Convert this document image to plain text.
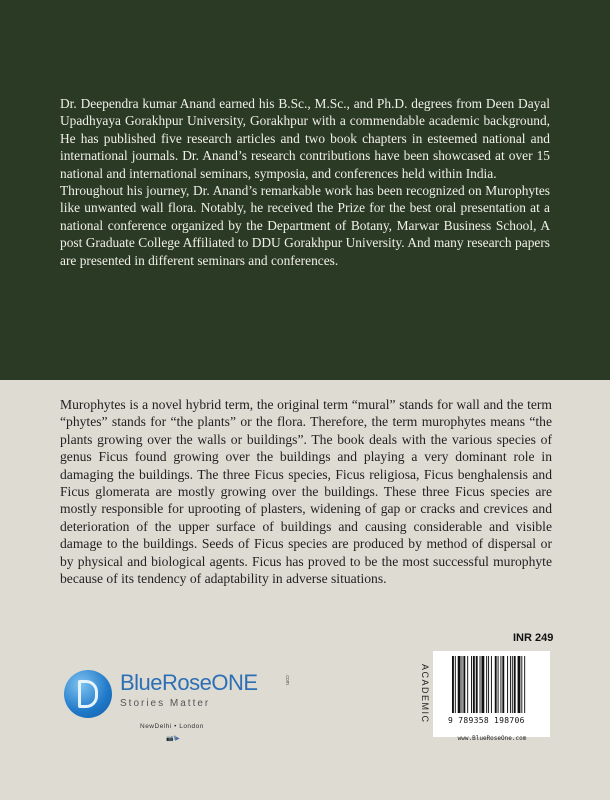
Dr. Deependra kumar Anand earned his B.Sc., M.Sc., and Ph.D. degrees from Deen Dayal Upadhyaya Gorakhpur University, Gorakhpur with a commendable academic background, He has published five research articles and two book chapters in esteemed national and international journals. Dr. Anand’s research contributions have been showcased at over 15 national and international seminars, symposia, and conferences held within India.

Throughout his journey, Dr. Anand’s remarkable work has been recognized on Murophytes like unwanted wall flora. Notably, he received the Prize for the best oral presentation at a national conference organized by the Department of Botany, Marwar Business School, A post Graduate College Affiliated to DDU Gorakhpur University. And many research papers are presented in different seminars and conferences.

Murophytes is a novel hybrid term, the original term “mural” stands for wall and the term “phytes” stands for “the plants” or the flora. Therefore, the term murophytes means “the plants growing over the walls or buildings”. The book deals with the various species of genus Ficus found growing over the buildings and playing a very dominant role in damaging the buildings. The three Ficus species, Ficus religiosa, Ficus benghalensis and Ficus glomerata are mostly growing over the buildings. These three Ficus species are mostly responsible for uprooting of plasters, widening of gap or cracks and crevices and deterioration of the upper surface of buildings and causing considerable and visible damage to the buildings. Seeds of Ficus species are produced by method of dispersal or by physical and biological agents. Ficus has proved to be the most successful murophyte because of its tendency of adaptability in adverse situations.

BlueRoseONE	.com
Stories Matter
NewDelhi • London
📷f▶
INR 249
ACADEMIC 9 789358 198706
www.BlueRoseOne.com
